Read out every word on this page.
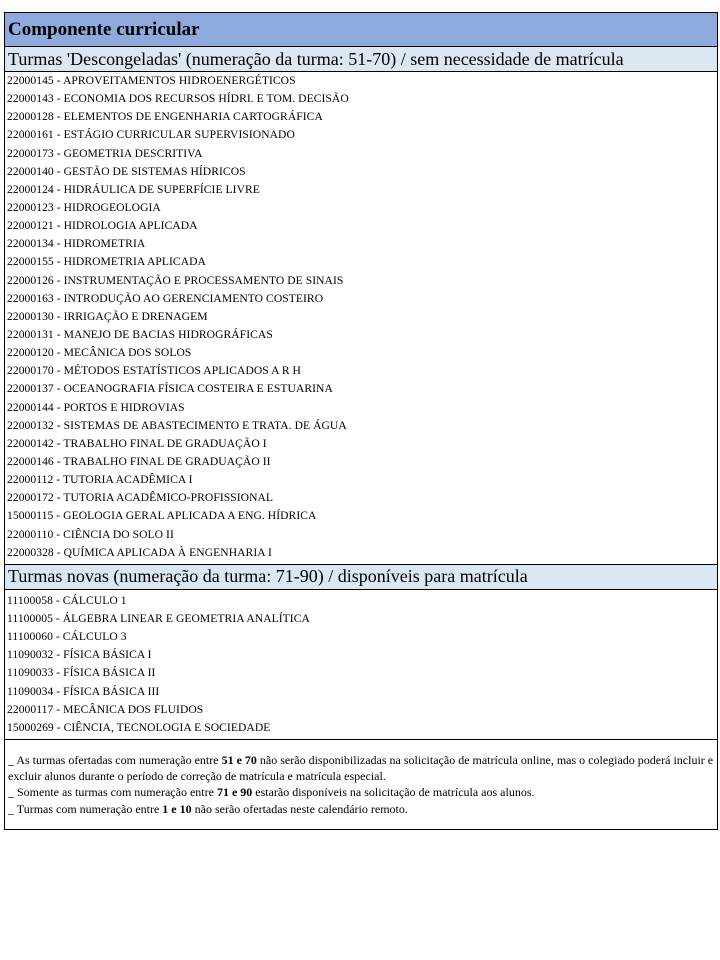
Componente curricular
Turmas 'Descongeladas' (numeração da turma: 51-70) / sem necessidade de matrícula
22000145 - APROVEITAMENTOS HIDROENERGÉTICOS
22000143 - ECONOMIA DOS RECURSOS HÍDRI. E TOM. DECISÃO
22000128 - ELEMENTOS DE ENGENHARIA CARTOGRÁFICA
22000161 - ESTÁGIO CURRICULAR SUPERVISIONADO
22000173 - GEOMETRIA DESCRITIVA
22000140 - GESTÃO DE SISTEMAS HÍDRICOS
22000124 - HIDRÁULICA DE SUPERFÍCIE LIVRE
22000123 - HIDROGEOLOGIA
22000121 - HIDROLOGIA APLICADA
22000134 - HIDROMETRIA
22000155 - HIDROMETRIA APLICADA
22000126 - INSTRUMENTAÇÃO E PROCESSAMENTO DE SINAIS
22000163 - INTRODUÇÃO AO GERENCIAMENTO COSTEIRO
22000130 - IRRIGAÇÃO E DRENAGEM
22000131 - MANEJO DE BACIAS HIDROGRÁFICAS
22000120 - MECÂNICA DOS SOLOS
22000170 - MÉTODOS ESTATÍSTICOS APLICADOS A R H
22000137 - OCEANOGRAFIA FÍSICA COSTEIRA E ESTUARINA
22000144 - PORTOS E HIDROVIAS
22000132 - SISTEMAS DE ABASTECIMENTO E TRATA. DE ÁGUA
22000142 - TRABALHO FINAL DE GRADUAÇÃO I
22000146 - TRABALHO FINAL DE GRADUAÇÃO II
22000112 - TUTORIA ACADÊMICA I
22000172 - TUTORIA ACADÊMICO-PROFISSIONAL
15000115 - GEOLOGIA GERAL APLICADA A ENG. HÍDRICA
22000110 - CIÊNCIA DO SOLO II
22000328 - QUÍMICA APLICADA À ENGENHARIA I
Turmas novas (numeração da turma: 71-90) / disponíveis para matrícula
11100058 - CÁLCULO 1
11100005 - ÁLGEBRA LINEAR E GEOMETRIA ANALÍTICA
11100060 - CÁLCULO 3
11090032 - FÍSICA BÁSICA I
11090033 - FÍSICA BÁSICA II
11090034 - FÍSICA BÁSICA III
22000117 - MECÂNICA DOS FLUIDOS
15000269 - CIÊNCIA, TECNOLOGIA E SOCIEDADE

_ As turmas ofertadas com numeração entre 51 e 70 não serão disponibilizadas na solicitação de matrícula online, mas o colegiado poderá incluir e excluir alunos durante o período de correção de matrícula e matrícula especial.

_ Somente as turmas com numeração entre 71 e 90 estarão disponíveis na solicitação de matrícula aos alunos.

_ Turmas com numeração entre 1 e 10 não serão ofertadas neste calendário remoto.
